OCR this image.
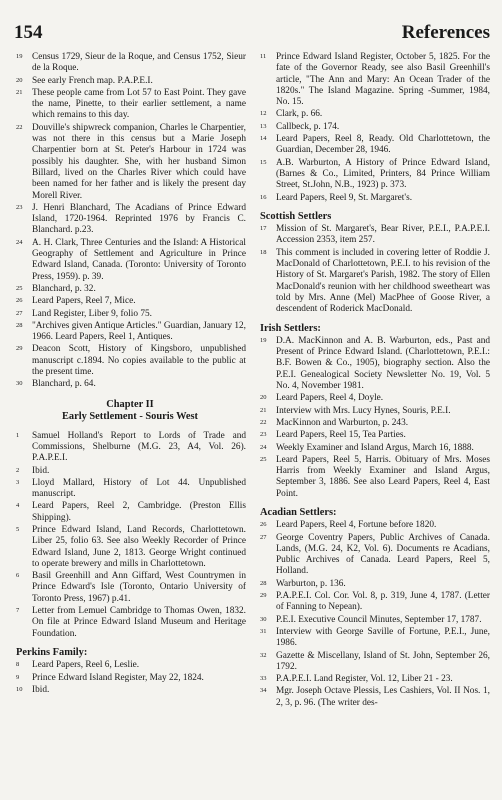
154	References
19	Census 1729, Sieur de la Roque, and Census 1752, Sieur de la Roque.
20	See early French map. P.A.P.E.I.
21	These people came from Lot 57 to East Point. They gave the name, Pinette, to their earlier settlement, a name which remains to this day.
22	Douville's shipwreck companion, Charles le Charpentier, was not there in this census but a Marie Joseph Charpentier born at St. Peter's Harbour in 1724 was possibly his daughter. She, with her husband Simon Billard, lived on the Charles River which could have been named for her father and is likely the present day Morell River.
23	J. Henri Blanchard, The Acadians of Prince Edward Island, 1720-1964. Reprinted 1976 by Francis C. Blanchard. p.23.
24	A. H. Clark, Three Centuries and the Island: A Historical Geography of Settlement and Agriculture in Prince Edward Island, Canada. (Toronto: University of Toronto Press, 1959). p. 39.
25	Blanchard, p. 32.
26	Leard Papers, Reel 7, Mice.
27	Land Register, Liber 9, folio 75.
28	"Archives given Antique Articles." Guardian, January 12, 1966. Leard Papers, Reel 1, Antiques.
29	Deacon Scott, History of Kingsboro, unpublished manuscript c.1894. No copies available to the public at the present time.
30	Blanchard, p. 64.
Chapter II
Early Settlement - Souris West
1	Samuel Holland's Report to Lords of Trade and Commissions, Shelburne (M.G. 23, A4, Vol. 26). P.A.P.E.I.
2	Ibid.
3	Lloyd Mallard, History of Lot 44. Unpublished manuscript.
4	Leard Papers, Reel 2, Cambridge. (Preston Ellis Shipping).
5	Prince Edward Island, Land Records, Charlottetown. Liber 25, folio 63. See also Weekly Recorder of Prince Edward Island, June 2, 1813. George Wright continued to operate brewery and mills in Charlottetown.
6	Basil Greenhill and Ann Giffard, West Countrymen in Prince Edward's Isle (Toronto, Ontario University of Toronto Press, 1967) p.41.
7	Letter from Lemuel Cambridge to Thomas Owen, 1832. On file at Prince Edward Island Museum and Heritage Foundation.
Perkins Family:
8	Leard Papers, Reel 6, Leslie.
9	Prince Edward Island Register, May 22, 1824.
10	Ibid.
11	Prince Edward Island Register, October 5, 1825. For the fate of the Governor Ready, see also Basil Greenhill's article, "The Ann and Mary: An Ocean Trader of the 1820s." The Island Magazine. Spring -Summer, 1984, No. 15.
12	Clark, p. 66.
13	Callbeck, p. 174.
14	Leard Papers, Reel 8, Ready. Old Charlottetown, the Guardian, December 28, 1946.
15	A.B. Warburton, A History of Prince Edward Island, (Barnes & Co., Limited, Printers, 84 Prince William Street, St.John, N.B., 1923) p. 373.
16	Leard Papers, Reel 9, St. Margaret's.
Scottish Settlers
17	Mission of St. Margaret's, Bear River, P.E.I., P.A.P.E.I. Accession 2353, item 257.
18	This comment is included in covering letter of Roddie J. MacDonald of Charlottetown, P.E.I. to his revision of the History of St. Margaret's Parish, 1982. The story of Ellen MacDonald's reunion with her childhood sweetheart was told by Mrs. Anne (Mel) MacPhee of Goose River, a descendent of Roderick MacDonald.
Irish Settlers:
19	D.A. MacKinnon and A. B. Warburton, eds., Past and Present of Prince Edward Island. (Charlottetown, P.E.I.: B.F. Bowen & Co., 1905), biography section. Also the P.E.I. Genealogical Society Newsletter No. 19, Vol. 5 No. 4, November 1981.
20	Leard Papers, Reel 4, Doyle.
21	Interview with Mrs. Lucy Hynes, Souris, P.E.I.
22	MacKinnon and Warburton, p. 243.
23	Leard Papers, Reel 15, Tea Parties.
24	Weekly Examiner and Island Argus, March 16, 1888.
25	Leard Papers, Reel 5, Harris. Obituary of Mrs. Moses Harris from Weekly Examiner and Island Argus, September 3, 1886. See also Leard Papers, Reel 4, East Point.
Acadian Settlers:
26	Leard Papers, Reel 4, Fortune before 1820.
27	George Coventry Papers, Public Archives of Canada. Lands, (M.G. 24, K2, Vol. 6). Documents re Acadians, Public Archives of Canada. Leard Papers, Reel 5, Holland.
28	Warburton, p. 136.
29	P.A.P.E.I. Col. Cor. Vol. 8, p. 319, June 4, 1787. (Letter of Fanning to Nepean).
30	P.E.I. Executive Council Minutes, September 17, 1787.
31	Interview with George Saville of Fortune, P.E.I., June, 1986.
32	Gazette & Miscellany, Island of St. John, September 26, 1792.
33	P.A.P.E.I. Land Register, Vol. 12, Liber 21 - 23.
34	Mgr. Joseph Octave Plessis, Les Cashiers, Vol. II Nos. 1, 2, 3, p. 96. (The writer des-
